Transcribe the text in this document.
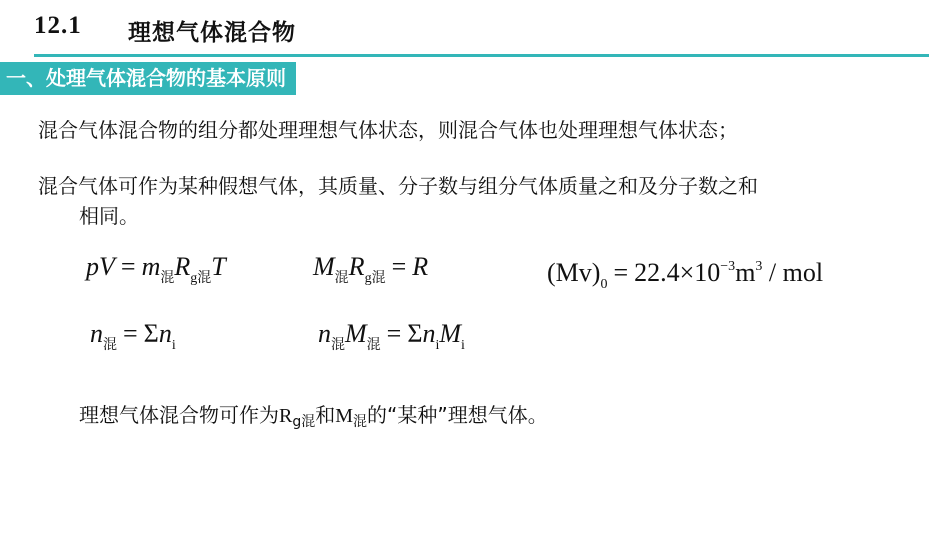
12.1 理想气体混合物
一、处理气体混合物的基本原则
混合气体混合物的组分都处理理想气体状态，则混合气体也处理理想气体状态；
混合气体可作为某种假想气体，其质量、分子数与组分气体质量之和及分子数之和
相同。
pV = $m_混R_{g混}T$	$M_混R_{g混} = R$	$(Mv)_0 = 22.4\times 10^{-3}m^3$ / mol
$n_混 = \Sigma n_i$	$n_混M_混 = \Sigma n_iM_i$
理想气体混合物可作为$R_{g混}$和$M_混$的“某种”理想气体。
